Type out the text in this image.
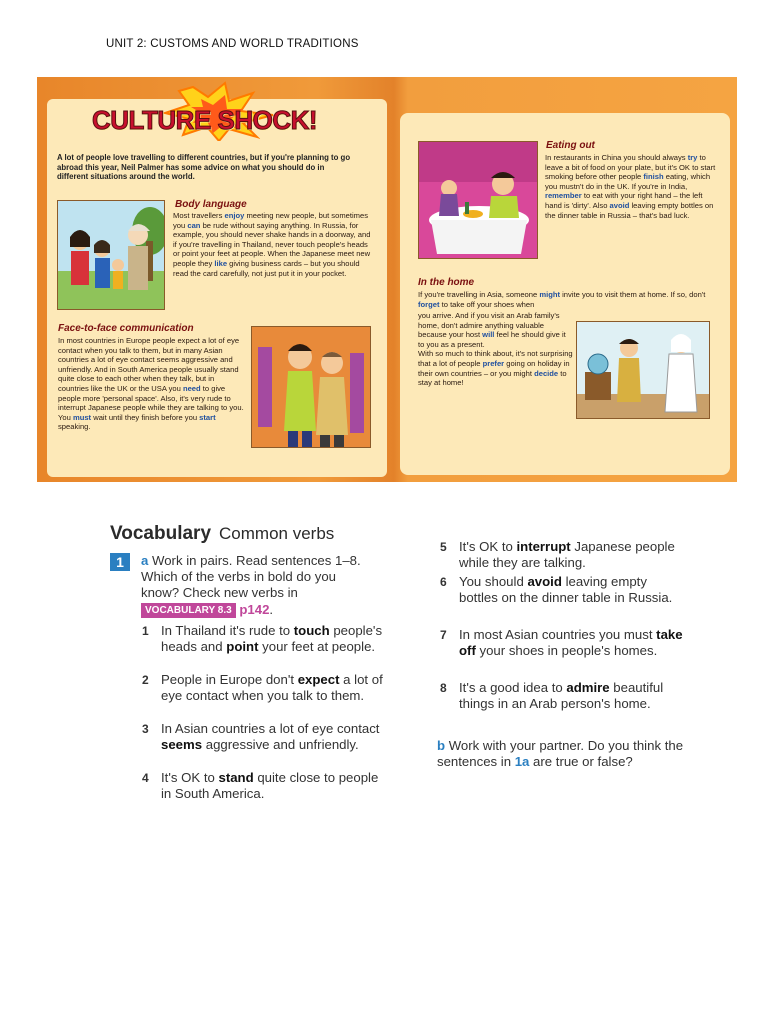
UNIT 2: CUSTOMS AND WORLD TRADITIONS
CULTURE SHOCK!
A lot of people love travelling to different countries, but if you're planning to go abroad this year, Neil Palmer has some advice on what you should do in different situations around the world.
Body language
Most travellers enjoy meeting new people, but sometimes you can be rude without saying anything. In Russia, for example, you should never shake hands in a doorway, and if you're travelling in Thailand, never touch people's heads or point your feet at people. When the Japanese meet new people they like giving business cards – but you should read the card carefully, not just put it in your pocket.
Face-to-face communication
In most countries in Europe people expect a lot of eye contact when you talk to them, but in many Asian countries a lot of eye contact seems aggressive and unfriendly. And in South America people usually stand quite close to each other when they talk, but in countries like the UK or the USA you need to give people more 'personal space'. Also, it's very rude to interrupt Japanese people while they are talking to you. You must wait until they finish before you start speaking.
Eating out
In restaurants in China you should always try to leave a bit of food on your plate, but it's OK to start smoking before other people finish eating, which you mustn't do in the UK. If you're in India, remember to eat with your right hand – the left hand is 'dirty'. Also avoid leaving empty bottles on the dinner table in Russia – that's bad luck.
In the home
If you're travelling in Asia, someone might invite you to visit them at home. If so, don't forget to take off your shoes when
you arrive. And if you visit an Arab family's home, don't admire anything valuable because your host will feel he should give it to you as a present.
With so much to think about, it's not surprising that a lot of people prefer going on holiday in their own countries – or you might decide to stay at home!
Vocabulary Common verbs
1	a Work in pairs. Read sentences 1–8. Which of the verbs in bold do you know? Check new verbs in VOCABULARY 8.3 p142.
1 In Thailand it's rude to touch people's heads and point your feet at people.
2 People in Europe don't expect a lot of eye contact when you talk to them.
3 In Asian countries a lot of eye contact seems aggressive and unfriendly.
4 It's OK to stand quite close to people in South America.
5 It's OK to interrupt Japanese people while they are talking.
6 You should avoid leaving empty bottles on the dinner table in Russia.
7 In most Asian countries you must take off your shoes in people's homes.
8 It's a good idea to admire beautiful things in an Arab person's home.
b Work with your partner. Do you think the sentences in 1a are true or false?
